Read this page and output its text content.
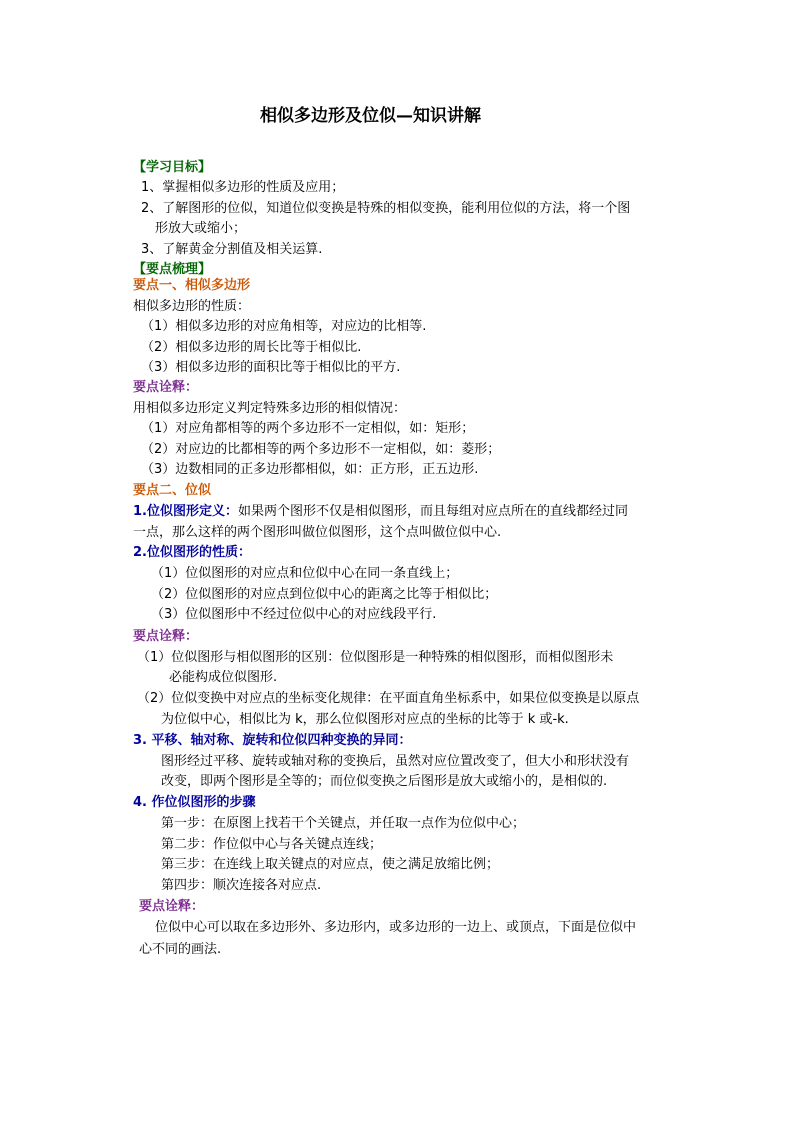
相似多边形及位似—知识讲解
【学习目标】
1、掌握相似多边形的性质及应用；
2、了解图形的位似，知道位似变换是特殊的相似变换，能利用位似的方法，将一个图
形放大或缩小；
3、了解黄金分割值及相关运算.
【要点梳理】
要点一、相似多边形
相似多边形的性质：
（1）相似多边形的对应角相等，对应边的比相等.
（2）相似多边形的周长比等于相似比.
（3）相似多边形的面积比等于相似比的平方.
要点诠释：
用相似多边形定义判定特殊多边形的相似情况：
（1）对应角都相等的两个多边形不一定相似，如：矩形；
（2）对应边的比都相等的两个多边形不一定相似，如：菱形；
（3）边数相同的正多边形都相似，如：正方形，正五边形.
要点二、位似
1.位似图形定义：如果两个图形不仅是相似图形，而且每组对应点所在的直线都经过同
一点，那么这样的两个图形叫做位似图形，这个点叫做位似中心.
2.位似图形的性质：
（1）位似图形的对应点和位似中心在同一条直线上；
（2）位似图形的对应点到位似中心的距离之比等于相似比；
（3）位似图形中不经过位似中心的对应线段平行.
要点诠释：
（1）位似图形与相似图形的区别：位似图形是一种特殊的相似图形，而相似图形未
必能构成位似图形.
（2）位似变换中对应点的坐标变化规律：在平面直角坐标系中，如果位似变换是以原点
为位似中心，相似比为 k，那么位似图形对应点的坐标的比等于 k 或-k.
3. 平移、轴对称、旋转和位似四种变换的异同：
图形经过平移、旋转或轴对称的变换后，虽然对应位置改变了，但大小和形状没有
改变，即两个图形是全等的；而位似变换之后图形是放大或缩小的，是相似的.
4. 作位似图形的步骤
第一步：在原图上找若干个关键点，并任取一点作为位似中心；
第二步：作位似中心与各关键点连线；
第三步：在连线上取关键点的对应点，使之满足放缩比例；
第四步：顺次连接各对应点.
要点诠释：
位似中心可以取在多边形外、多边形内，或多边形的一边上、或顶点，下面是位似中
心不同的画法.
